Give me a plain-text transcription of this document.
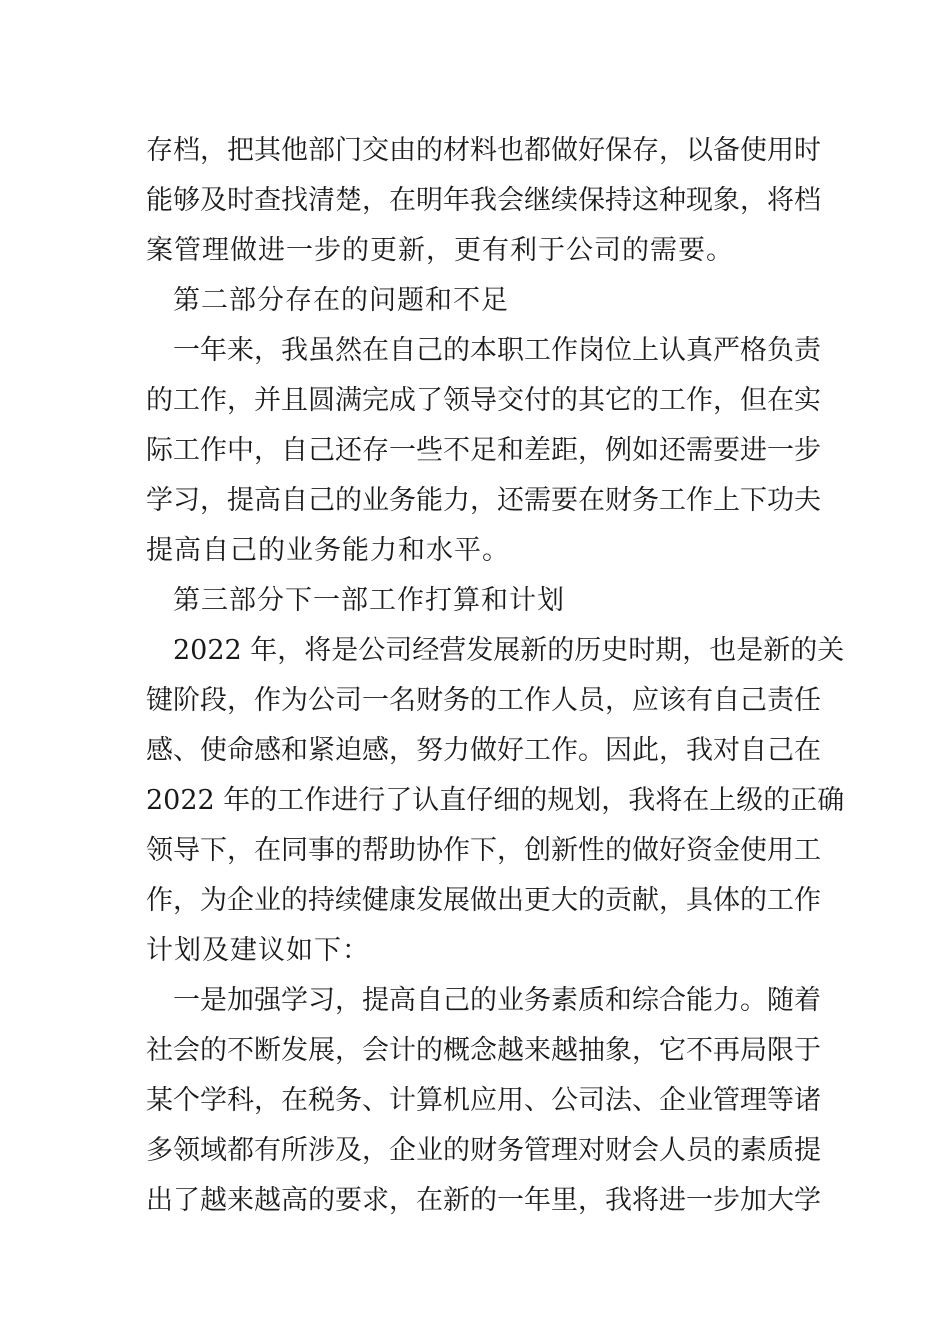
存档，把其他部门交由的材料也都做好保存，以备使用时
能够及时查找清楚，在明年我会继续保持这种现象，将档
案管理做进一步的更新，更有利于公司的需要。
第二部分存在的问题和不足
一年来，我虽然在自己的本职工作岗位上认真严格负责
的工作，并且圆满完成了领导交付的其它的工作，但在实
际工作中，自己还存一些不足和差距，例如还需要进一步
学习，提高自己的业务能力，还需要在财务工作上下功夫
提高自己的业务能力和水平。
第三部分下一部工作打算和计划
2022 年，将是公司经营发展新的历史时期，也是新的关
键阶段，作为公司一名财务的工作人员，应该有自己责任
感、使命感和紧迫感，努力做好工作。因此，我对自己在
2022 年的工作进行了认直仔细的规划，我将在上级的正确
领导下，在同事的帮助协作下，创新性的做好资金使用工
作，为企业的持续健康发展做出更大的贡献，具体的工作
计划及建议如下：
一是加强学习，提高自己的业务素质和综合能力。随着
社会的不断发展，会计的概念越来越抽象，它不再局限于
某个学科，在税务、计算机应用、公司法、企业管理等诸
多领域都有所涉及，企业的财务管理对财会人员的素质提
出了越来越高的要求，在新的一年里，我将进一步加大学
